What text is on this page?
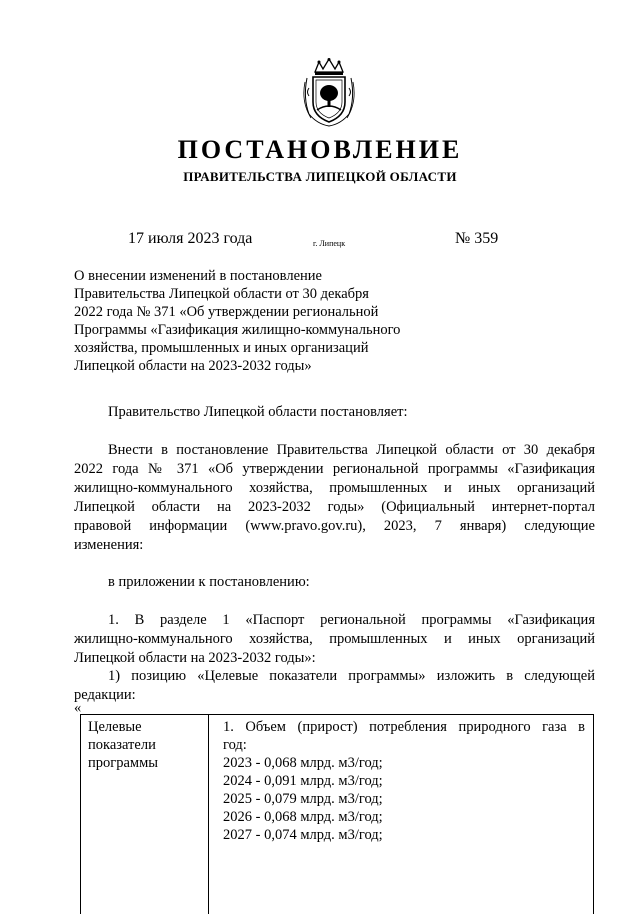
ПОСТАНОВЛЕНИЕ
ПРАВИТЕЛЬСТВА ЛИПЕЦКОЙ ОБЛАСТИ
17 июля 2023 года	г. Липецк	№ 359
О внесении изменений в постановление
Правительства Липецкой области от 30 декабря
2022 года № 371 «Об утверждении региональной
Программы «Газификация жилищно-коммунального
хозяйства, промышленных и иных организаций
Липецкой области на 2023-2032 годы»
Правительство Липецкой области постановляет:
Внести в постановление Правительства Липецкой области от 30 декабря
2022 года № 371 «Об утверждении региональной программы «Газификация
жилищно-коммунального хозяйства, промышленных и иных организаций
Липецкой области на 2023-2032 годы» (Официальный интернет-портал
правовой информации (www.pravo.gov.ru), 2023, 7 января) следующие
изменения:
в приложении к постановлению:
1. В разделе 1 «Паспорт региональной программы «Газификация
жилищно-коммунального хозяйства, промышленных и иных организаций
Липецкой области на 2023-2032 годы»:
1) позицию «Целевые показатели программы» изложить в следующей
редакции:
«
Целевые
показатели
программы
1. Объем (прирост) потребления природного газа в
год:
2023 - 0,068 млрд. м3/год;
2024 - 0,091 млрд. м3/год;
2025 - 0,079 млрд. м3/год;
2026 - 0,068 млрд. м3/год;
2027 - 0,074 млрд. м3/год;
